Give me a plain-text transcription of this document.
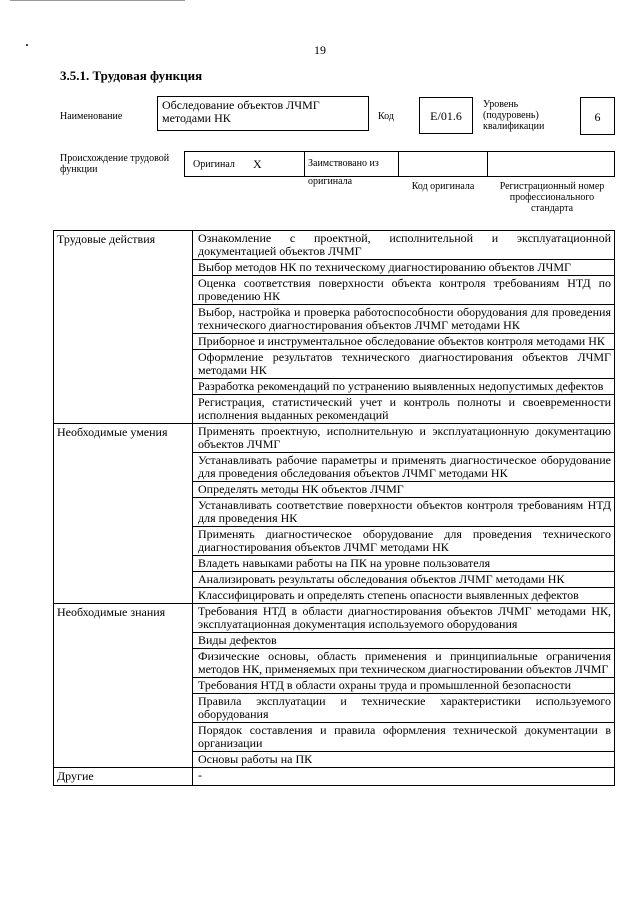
19
3.5.1. Трудовая функция
Наименование
Обследование объектов ЛЧМГ методами НК	Код	E/01.6
Уровень (подуровень) квалификации
6
Происхождение трудовой функции	Оригинал X	Заимствовано из оригинала	Код оригинала	Регистрационный номер профессионального стандарта
Трудовые действия	Ознакомление с проектной, исполнительной и эксплуатационной документацией объектов ЛЧМГ
	Выбор методов НК по техническому диагностированию объектов ЛЧМГ
	Оценка соответствия поверхности объекта контроля требованиям НТД по проведению НК
	Выбор, настройка и проверка работоспособности оборудования для проведения технического диагностирования объектов ЛЧМГ методами НК
	Приборное и инструментальное обследование объектов контроля методами НК
	Оформление результатов технического диагностирования объектов ЛЧМГ методами НК
	Разработка рекомендаций по устранению выявленных недопустимых дефектов
	Регистрация, статистический учет и контроль полноты и своевременности исполнения выданных рекомендаций
Необходимые умения	Применять проектную, исполнительную и эксплуатационную документацию объектов ЛЧМГ
	Устанавливать рабочие параметры и применять диагностическое оборудование для проведения обследования объектов ЛЧМГ методами НК
	Определять методы НК объектов ЛЧМГ
	Устанавливать соответствие поверхности объектов контроля требованиям НТД для проведения НК
	Применять диагностическое оборудование для проведения технического диагностирования объектов ЛЧМГ методами НК
	Владеть навыками работы на ПК на уровне пользователя
	Анализировать результаты обследования объектов ЛЧМГ методами НК
	Классифицировать и определять степень опасности выявленных дефектов
Необходимые знания	Требования НТД в области диагностирования объектов ЛЧМГ методами НК, эксплуатационная документация используемого оборудования
	Виды дефектов
	Физические основы, область применения и принципиальные ограничения методов НК, применяемых при техническом диагностировании объектов ЛЧМГ
	Требования НТД в области охраны труда и промышленной безопасности
	Правила эксплуатации и технические характеристики используемого оборудования
	Порядок составления и правила оформления технической документации в организации
	Основы работы на ПК
Другие	-
